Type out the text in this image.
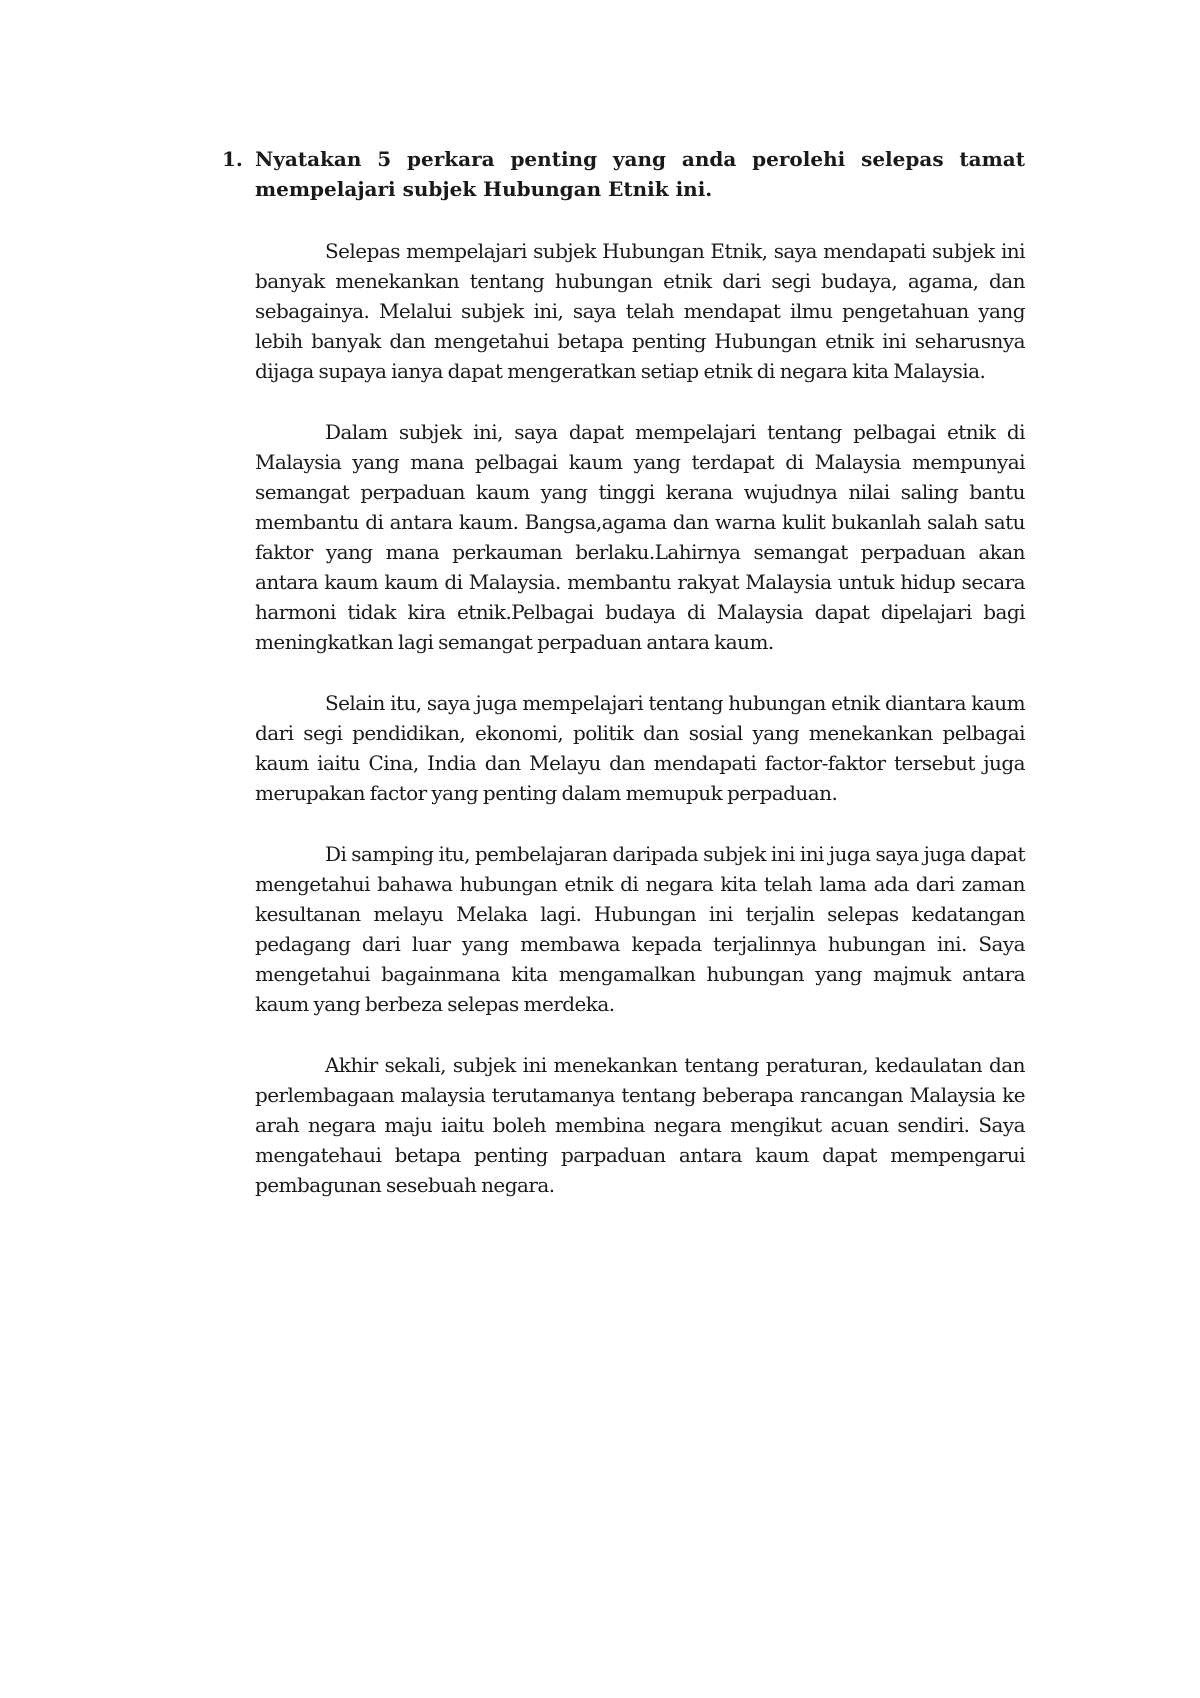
1. Nyatakan 5 perkara penting yang anda perolehi selepas tamat mempelajari subjek Hubungan Etnik ini.

Selepas mempelajari subjek Hubungan Etnik, saya mendapati subjek ini banyak menekankan tentang hubungan etnik dari segi budaya, agama, dan sebagainya. Melalui subjek ini, saya telah mendapat ilmu pengetahuan yang lebih banyak dan mengetahui betapa penting Hubungan etnik ini seharusnya dijaga supaya ianya dapat mengeratkan setiap etnik di negara kita Malaysia.

Dalam subjek ini, saya dapat mempelajari tentang pelbagai etnik di Malaysia yang mana pelbagai kaum yang terdapat di Malaysia mempunyai semangat perpaduan kaum yang tinggi kerana wujudnya nilai saling bantu membantu di antara kaum. Bangsa,agama dan warna kulit bukanlah salah satu faktor yang mana perkauman berlaku.Lahirnya semangat perpaduan akan antara kaum kaum di Malaysia. membantu rakyat Malaysia untuk hidup secara harmoni tidak kira etnik.Pelbagai budaya di Malaysia dapat dipelajari bagi meningkatkan lagi semangat perpaduan antara kaum.

Selain itu, saya juga mempelajari tentang hubungan etnik diantara kaum dari segi pendidikan, ekonomi, politik dan sosial yang menekankan pelbagai kaum iaitu Cina, India dan Melayu dan mendapati factor-faktor tersebut juga merupakan factor yang penting dalam memupuk perpaduan.

Di samping itu, pembelajaran daripada subjek ini ini juga saya juga dapat mengetahui bahawa hubungan etnik di negara kita telah lama ada dari zaman kesultanan melayu Melaka lagi. Hubungan ini terjalin selepas kedatangan pedagang dari luar yang membawa kepada terjalinnya hubungan ini. Saya mengetahui bagainmana kita mengamalkan hubungan yang majmuk antara kaum yang berbeza selepas merdeka.

Akhir sekali, subjek ini menekankan tentang peraturan, kedaulatan dan perlembagaan malaysia terutamanya tentang beberapa rancangan Malaysia ke arah negara maju iaitu boleh membina negara mengikut acuan sendiri. Saya mengatehaui betapa penting parpaduan antara kaum dapat mempengarui pembagunan sesebuah negara.
